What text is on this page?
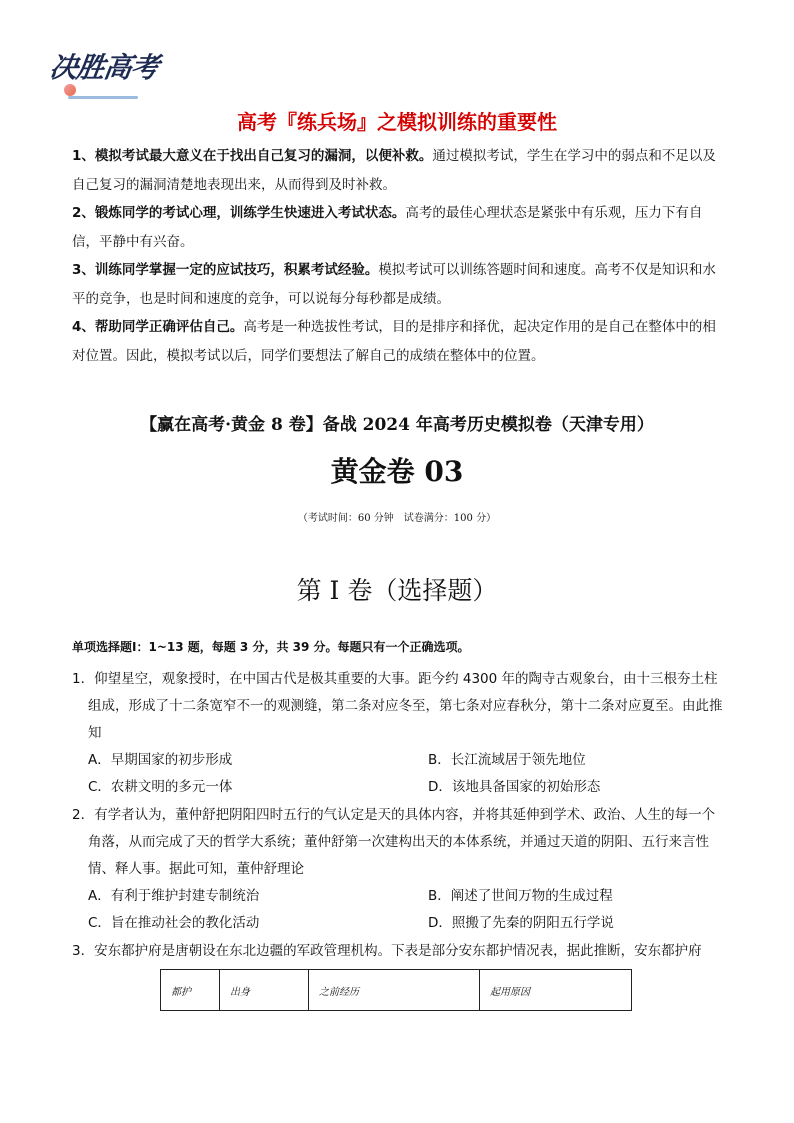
决胜高考
高考『练兵场』之模拟训练的重要性

1、模拟考试最大意义在于找出自己复习的漏洞，以便补救。通过模拟考试，学生在学习中的弱点和不足以及自己复习的漏洞清楚地表现出来，从而得到及时补救。

2、锻炼同学的考试心理，训练学生快速进入考试状态。高考的最佳心理状态是紧张中有乐观，压力下有自信，平静中有兴奋。

3、训练同学掌握一定的应试技巧，积累考试经验。模拟考试可以训练答题时间和速度。高考不仅是知识和水平的竞争，也是时间和速度的竞争，可以说每分每秒都是成绩。

4、帮助同学正确评估自己。高考是一种选拔性考试，目的是排序和择优，起决定作用的是自己在整体中的相对位置。因此，模拟考试以后，同学们要想法了解自己的成绩在整体中的位置。

【赢在高考·黄金 8 卷】备战 2024 年高考历史模拟卷（天津专用）
黄金卷 03
（考试时间：60 分钟　试卷满分：100 分）
第 I 卷（选择题）
单项选择题Ⅰ：1~13 题，每题 3 分，共 39 分。每题只有一个正确选项。

1．仰望星空，观象授时，在中国古代是极其重要的大事。距今约 4300 年的陶寺古观象台，由十三根夯土柱组成，形成了十二条宽窄不一的观测缝，第二条对应冬至，第七条对应春秋分，第十二条对应夏至。由此推知

A．早期国家的初步形成	B．长江流域居于领先地位

C．农耕文明的多元一体	D．该地具备国家的初始形态

2．有学者认为，董仲舒把阴阳四时五行的气认定是天的具体内容，并将其延伸到学术、政治、人生的每一个角落，从而完成了天的哲学大系统；董仲舒第一次建构出天的本体系统，并通过天道的阴阳、五行来言性情、释人事。据此可知，董仲舒理论

A．有利于维护封建专制统治	B．阐述了世间万物的生成过程

C．旨在推动社会的教化活动	D．照搬了先秦的阴阳五行学说

3．安东都护府是唐朝设在东北边疆的军政管理机构。下表是部分安东都护情况表，据此推断，安东都护府

都护	出身	之前经历	起用原因
